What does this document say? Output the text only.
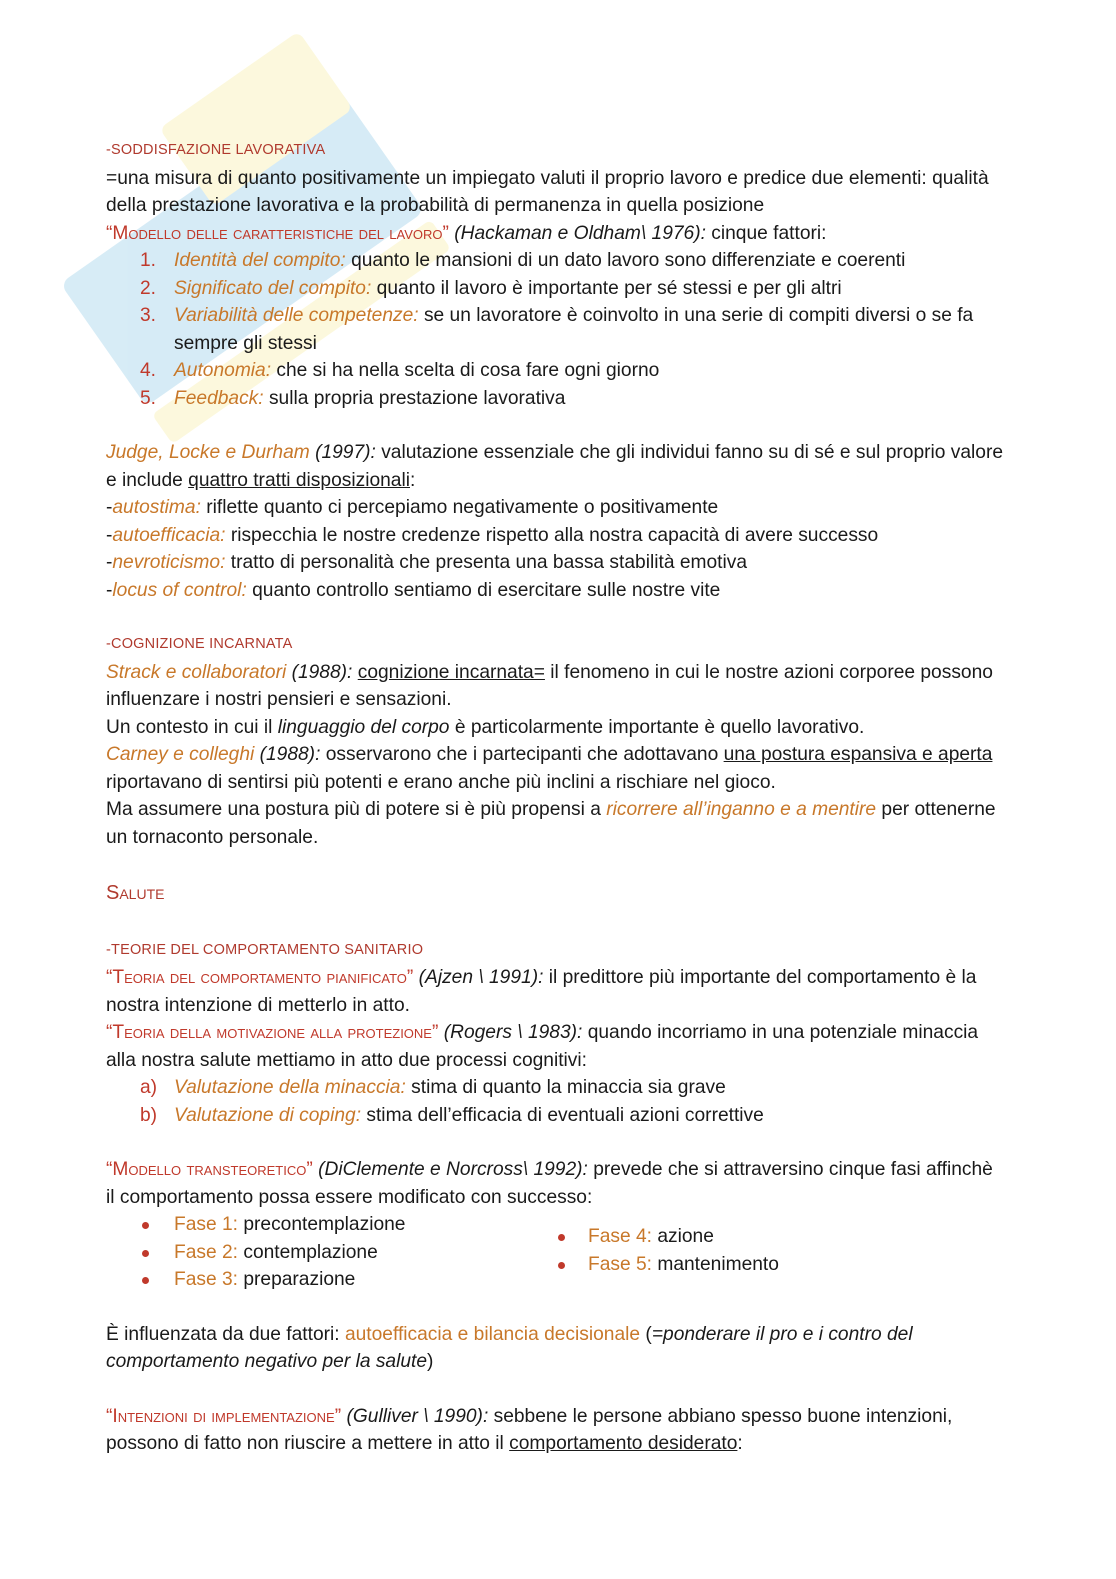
-SODDISFAZIONE LAVORATIVA

=una misura di quanto positivamente un impiegato valuti il proprio lavoro e predice due elementi: qualità della prestazione lavorativa e la probabilità di permanenza in quella posizione

“Modello delle caratteristiche del lavoro” (Hackaman e Oldham\ 1976): cinque fattori:

1. Identità del compito: quanto le mansioni di un dato lavoro sono differenziate e coerenti
2. Significato del compito: quanto il lavoro è importante per sé stessi e per gli altri
3. Variabilità delle competenze: se un lavoratore è coinvolto in una serie di compiti diversi o se fa sempre gli stessi
4. Autonomia: che si ha nella scelta di cosa fare ogni giorno
5. Feedback: sulla propria prestazione lavorativa

Judge, Locke e Durham (1997): valutazione essenziale che gli individui fanno su di sé e sul proprio valore e include quattro tratti disposizionali:

-autostima: riflette quanto ci percepiamo negativamente o positivamente

-autoefficacia: rispecchia le nostre credenze rispetto alla nostra capacità di avere successo

-nevroticismo: tratto di personalità che presenta una bassa stabilità emotiva

-locus of control: quanto controllo sentiamo di esercitare sulle nostre vite

-COGNIZIONE INCARNATA

Strack e collaboratori (1988): cognizione incarnata= il fenomeno in cui le nostre azioni corporee possono influenzare i nostri pensieri e sensazioni.

Un contesto in cui il linguaggio del corpo è particolarmente importante è quello lavorativo.

Carney e colleghi (1988): osservarono che i partecipanti che adottavano una postura espansiva e aperta riportavano di sentirsi più potenti e erano anche più inclini a rischiare nel gioco.

Ma assumere una postura più di potere si è più propensi a ricorrere all’inganno e a mentire per ottenerne un tornaconto personale.

Salute

-TEORIE DEL COMPORTAMENTO SANITARIO

“Teoria del comportamento pianificato” (Ajzen \ 1991): il predittore più importante del comportamento è la nostra intenzione di metterlo in atto.

“Teoria della motivazione alla protezione” (Rogers \ 1983): quando incorriamo in una potenziale minaccia alla nostra salute mettiamo in atto due processi cognitivi:

a) Valutazione della minaccia: stima di quanto la minaccia sia grave
b) Valutazione di coping: stima dell’efficacia di eventuali azioni correttive

“Modello transteoretico” (DiClemente e Norcross\ 1992): prevede che si attraversino cinque fasi affinchè il comportamento possa essere modificato con successo:

Fase 1: precontemplazione
Fase 2: contemplazione
Fase 3: preparazione
Fase 4: azione
Fase 5: mantenimento

È influenzata da due fattori: autoefficacia e bilancia decisionale (=ponderare il pro e i contro del comportamento negativo per la salute)

“Intenzioni di implementazione” (Gulliver \ 1990): sebbene le persone abbiano spesso buone intenzioni, possono di fatto non riuscire a mettere in atto il comportamento desiderato:
